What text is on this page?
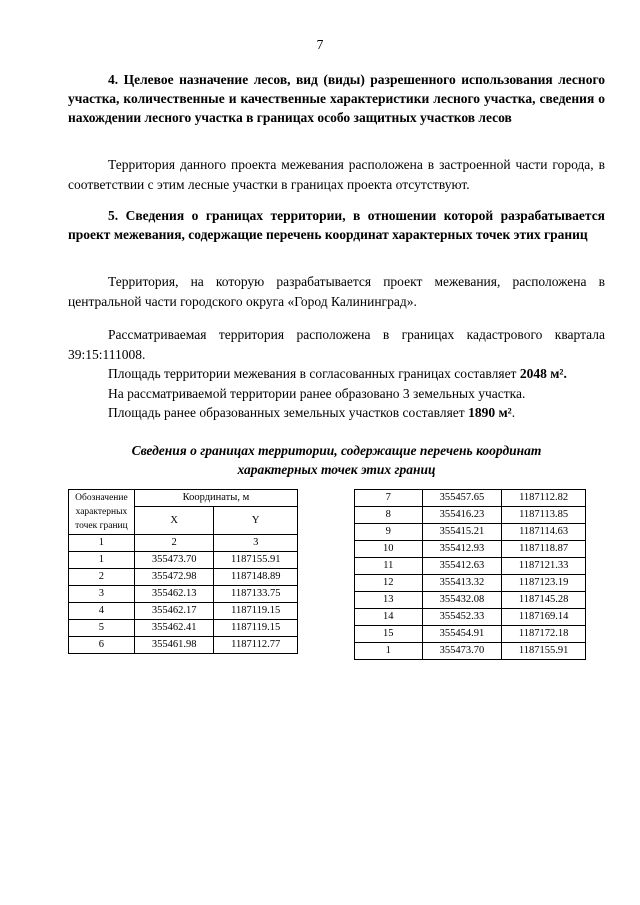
7

4. Целевое назначение лесов, вид (виды) разрешенного использования лесного участка, количественные и качественные характеристики лесного участка, сведения о нахождении лесного участка в границах особо защитных участков лесов

Территория данного проекта межевания расположена в застроенной части города, в соответствии с этим лесные участки в границах проекта отсутствуют.

5. Сведения о границах территории, в отношении которой разрабатывается проект межевания, содержащие перечень координат характерных точек этих границ

Территория, на которую разрабатывается проект межевания, расположена в центральной части городского округа «Город Калининград».

Рассматриваемая территория расположена в границах кадастрового квартала 39:15:111008.

Площадь территории межевания в согласованных границах составляет 2048 м².

На рассматриваемой территории ранее образовано 3 земельных участка.

Площадь ранее образованных земельных участков составляет 1890 м².

Сведения о границах территории, содержащие перечень координат
характерных точек этих границ
Обозначение характерных точек границ	Координаты, м	
	X	Y
1	2	3
1	355473.70	1187155.91
2	355472.98	1187148.89
3	355462.13	1187133.75
4	355462.17	1187119.15
5	355462.41	1187119.15
6	355461.98	1187112.77
7	355457.65	1187112.82
8	355416.23	1187113.85
9	355415.21	1187114.63
10	355412.93	1187118.87
11	355412.63	1187121.33
12	355413.32	1187123.19
13	355432.08	1187145.28
14	355452.33	1187169.14
15	355454.91	1187172.18
1	355473.70	1187155.91
